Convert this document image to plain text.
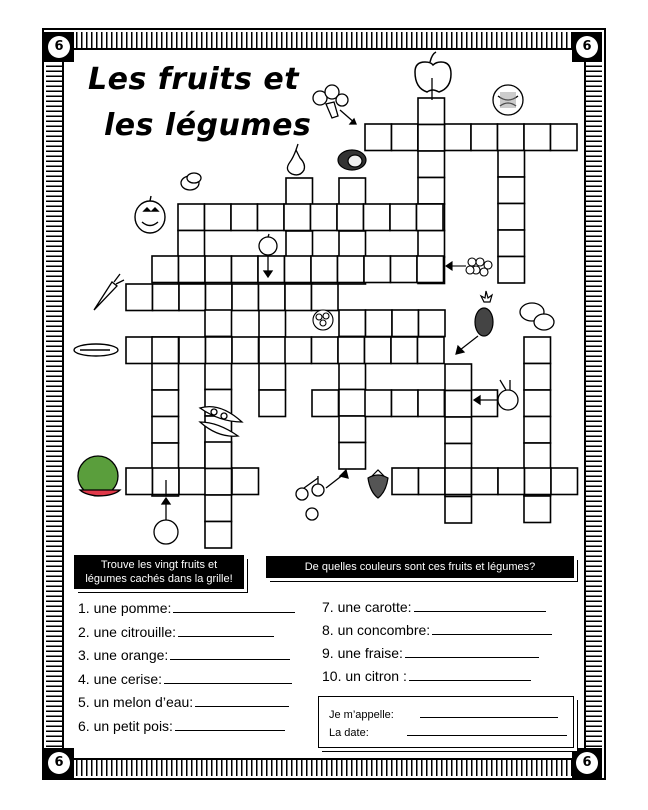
6	6
6	6
Les fruits et
les légumes
Trouve les vingt fruits et
légumes cachés dans la grille!
De quelles couleurs sont ces fruits et légumes?
1. une pomme:
2. une citrouille:
3. une orange:
4. une cerise:
5. un melon d’eau:
6. un petit pois:
7. une carotte:
8. un concombre:
9. une fraise:
10. un citron :
Je m’appelle:
La date:
